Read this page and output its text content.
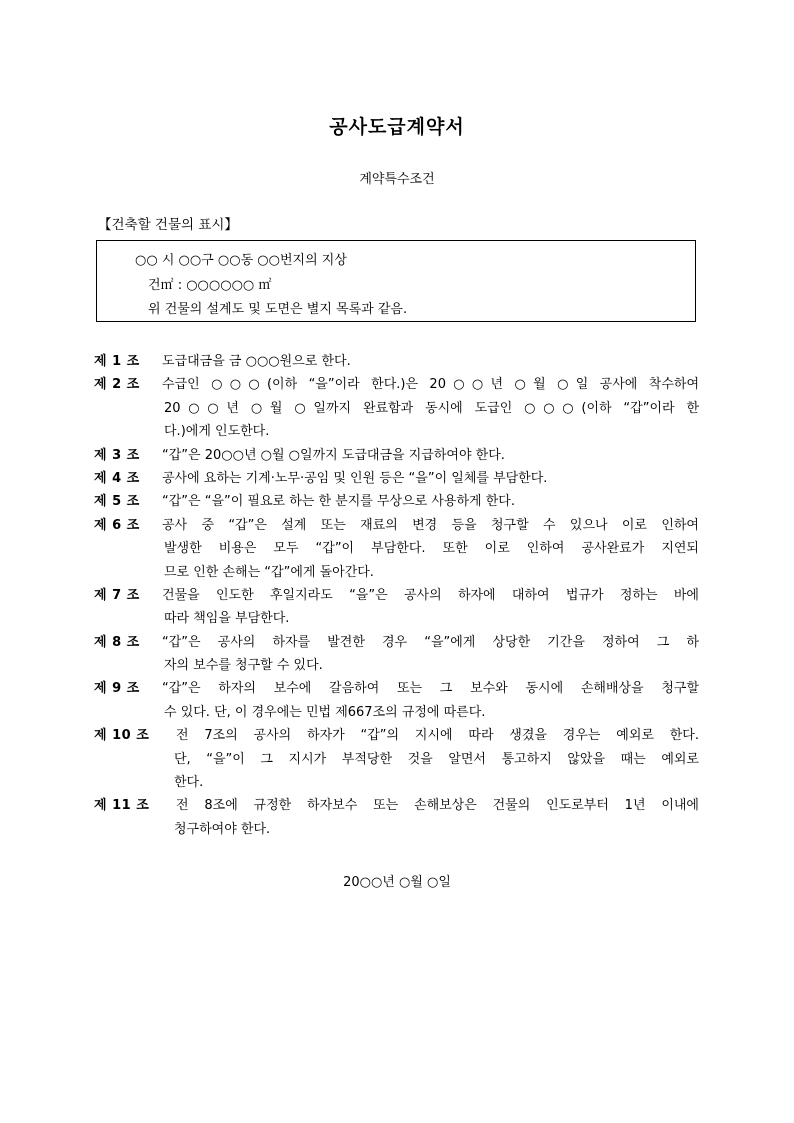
공사도급계약서
계약특수조건
【건축할 건물의 표시】
○○ 시 ○○구 ○○동 ○○번지의 지상
건㎡ : ○○○○○○ ㎡
위 건물의 설계도 및 도면은 별지 목록과 같음.
제 1 조 도급대금을 금 ○○○원으로 한다.
제 2 조 수급인 ○○○(이하 “을”이라 한다.)은 20○○년 ○월 ○일 공사에 착수하여
20○○년 ○월 ○일까지 완료함과 동시에 도급인 ○○○(이하 “갑”이라 한
다.)에게 인도한다.
제 3 조 “갑”은 20○○년 ○월 ○일까지 도급대금을 지급하여야 한다.
제 4 조 공사에 요하는 기계·노무·공임 및 인원 등은 “을”이 일체를 부담한다.
제 5 조 “갑”은 “을”이 필요로 하는 한 분지를 무상으로 사용하게 한다.
제 6 조 공사 중 “갑”은 설계 또는 재료의 변경 등을 청구할 수 있으나 이로 인하여
발생한 비용은 모두 “갑”이 부담한다. 또한 이로 인하여 공사완료가 지연되
므로 인한 손해는 “갑”에게 돌아간다.
제 7 조 건물을 인도한 후일지라도 “을”은 공사의 하자에 대하여 법규가 정하는 바에
따라 책임을 부담한다.
제 8 조 “갑”은 공사의 하자를 발견한 경우 “을”에게 상당한 기간을 정하여 그 하
자의 보수를 청구할 수 있다.
제 9 조 “갑”은 하자의 보수에 갈음하여 또는 그 보수와 동시에 손해배상을 청구할
수 있다. 단, 이 경우에는 민법 제667조의 규정에 따른다.
제 10 조 전 7조의 공사의 하자가 “갑”의 지시에 따라 생겼을 경우는 예외로 한다.
단, “을”이 그 지시가 부적당한 것을 알면서 통고하지 않았을 때는 예외로
한다.
제 11 조 전 8조에 규정한 하자보수 또는 손해보상은 건물의 인도로부터 1년 이내에
청구하여야 한다.
20○○년 ○월 ○일
